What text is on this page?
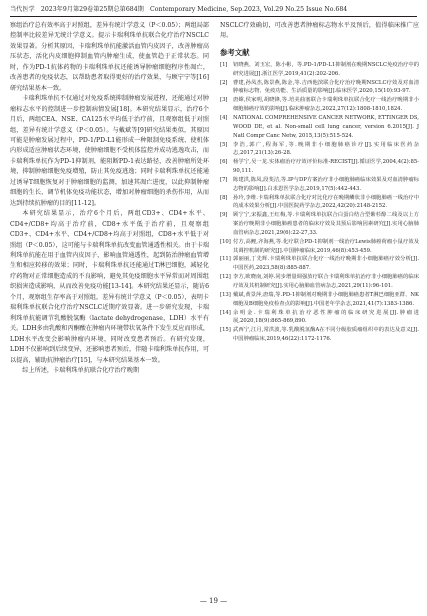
当代医学　2023年9月第29卷第25期总第684期　Contemporary Medicine, Sep.2023, Vol.29 No.25 Issue No.684

察组治疗总有效率高于对照组，差异有统计学意义（P＜0.05）；两组局部控制率比较差异无统计学意义。提示卡瑞利珠单抗联合化疗治疗NSCLC效果显著。分析其原因，卡瑞利珠单抗能激活血管内皮因子，改善肿瘤高压状态，活化内皮细胞抑制血管内肿瘤生成，使血管趋于正常状态。同时，作为PD-1抗体药物的卡瑞利珠单抗还能诱导肿瘤细胞程序性凋亡，改善患者的免疫状态，以帮助患者取得更好的治疗效果，与顾宁宁等[16]研究结果基本一致。

卡瑞利珠单抗不仅通过对免疫系统抑制肿瘤发展进程，还能通过对肿瘤标志水平的控制进一步控制病情发展[18]。本研究结果显示，治疗6个月后，两组CEA、NSE、CA125水平均低于治疗前，且观察组低于对照组，差异有统计学意义（P＜0.05）。与戴斌等[9]研究结果类似，其原因可能是肿瘤发展过程中，PD-1/PD-L1能形成一种限制免疫系统、使机体内形成适应肿瘤状态环境，使肿瘤细胞不受机体监控并成功逃逸攻击，而卡瑞利珠单抗作为PD-1抑制剂，能阻断PD-1表达路径，改善肿瘤所处环境，抑制肿瘤细胞免疫增殖，防止其免疫逃逸；同时卡瑞利珠单抗还能通过诱导T细胞恢复对于肿瘤细胞的监测，加速其凋亡进度，以此抑制肿瘤细胞的生长，调节机体免疫功能状态，增加对肿瘤细胞的杀伤作用，从而达到持续抗肿瘤的目的[11-12]。

本研究结果显示，治疗6个月后，两组CD3+、CD4+水平、CD4+/CD8+均高于治疗前，CD8+水平低于治疗前，且观察组CD3+、CD4+水平、CD4+/CD8+均高于对照组，CD8+水平低于对照组（P＜0.05），这可能与卡瑞利珠单抗改变血管通透性相关。由于卡瑞利珠单抗能在用于血管内皮因子，影响血管通透性，起到防治肿瘤血管增生和相应转移的效果；同时，卡瑞利珠单抗还能通过T淋巴细胞，减轻化疗药物对正常细胞造成的不良影响，避免其免疫细胞水平异常而对周围组织损害造成影响，从而改善免疫功能[13-14]。本研究结果还显示，随访6个月，观察组生存率高于对照组，差异有统计学意义（P＜0.05），表明卡瑞利珠单抗联合化疗治疗NSCLC近期疗效显著。进一步研究发现，卡瑞利珠单抗能调节乳酸脱氢酶（lactate dehydrogenase，LDH）水平有关。LDH多由乳酸和丙酮酸在肿瘤内环境带状氧条件下发生反应而形成，LDH水平改变会影响肿瘤内环境，同时改变患者预后。有研究发现，LDH不仅影响到后续变异，还影响患者预后，伴随卡瑞利珠单抗作用，可以提高，辅助抗肿瘤治疗[15]，与本研究结果基本一致。

综上所述，卡瑞利珠单抗联合化疗治疗晚期

NSCLC疗效确切，可改善患者肿瘤标志物水平及预后，值得临床推广应用。

参考文献
[1]	钮晓燕，刘玉宏，陈小彬，等.PD-1/PD-L1抑制剂在晚期NSCLC免疫治疗中的研究进展[J].浙江医学,2019,41(2):202-206.
[2]	曹建,孙凤杰,陈景燕,陈金,等.吉西他滨联合化疗治疗晚期NSCLC疗效及对血清肿瘤标志物、免疫功能、生活质量的影响[J].临床医学,2020,15(10):93-97.
[3]	唐嫦,侯家明,胡晓锋,等.培美曲塞联合卡瑞利珠单抗联合化疗一线治疗晚期非小细胞肺癌疗效的影响[J].临床肿瘤杂志,2022,27(12):1808-1810,1824.
[4]	NATIONAL COMPREHENSIVE CANCER NETWORK, ETTINGER DS, WOOD DE, et al. Non-small cell lung cancer, version 6.2015[J]. J Natl Compr Canc Netw, 2015,13(5):515-524.
[5]	李浩,郭广,程海军,等.晚期非小细胞肺癌诊疗[J].实用临床医药杂志,2017,21(13):26-28.
[6]	杨学宁,吴一龙.实体瘤治疗疗效评价标准-RECIST[J].循证医学,2004,4(2):85-90,111.
[7]	陈建洪,陈凤,段斐洁,等.IP与DP方案治疗非小细胞肺癌临床效果及对血清肿瘤标志物的影响[J].白求恩医学杂志,2019,17(5):442-443.
[8]	孙玲,李维.卡瑞利珠单抗联合化疗对比化疗在晚期鳞状非小细胞肺癌一线治疗中的成本效果分析[J].中国医院药学杂志,2022,42(20):2148-2152.
[9]	顾宁宁,宋振鑫,王红梅,等.卡瑞利珠单抗联合白蛋白结合型紫杉醇二线及以上方案治疗晚期非小细胞肺癌患者的临床疗效及其预后影响因素研究[J].实用心脑肺血管病杂志,2021,29(6):22-27,33.
[10] 付方,高鲤,齐海燕,等.化疗联合PD-1抑制剂一线治疗Lewis肺癌荷瘤小鼠疗效及其调控机制的研究[J].中国肿瘤临床,2019,46(8):453-459.
[11] 郭丽丽,丁先辉.卡瑞利珠单抗联合化疗一线治疗晚期非小细胞肺癌疗效分析[J].中国医药,2023,58(8):885-887.
[12] 李方,欧晓南,刘婷.同步增量调强放疗联合卡瑞利珠单抗治疗非小细胞肺癌的临床疗效及其机制研究[J].实用心脑肺血管病杂志,2021,29(11):96-101.
[13] 戴斌,黄景萍,唐瑞,等.PD-1抑制剂对晚期非小细胞肺癌患者T淋巴细胞亚群、NK细胞及B细胞免疫检查点的影响[J].中国老年学杂志,2021,41(7):1383-1386.
[14] 余明金.卡瑞利珠单抗治疗恶性肿瘤的临床研究进展[J].肿瘤进展,2020,18(9):865-869,890.
[15] 武西宁,江月,常洪波,等.乳酸脱氢酶A在不同分级胶质瘤组织中的表达及意义[J].中国肿瘤临床,2019,46(22):1172-1176.
— 19 —
